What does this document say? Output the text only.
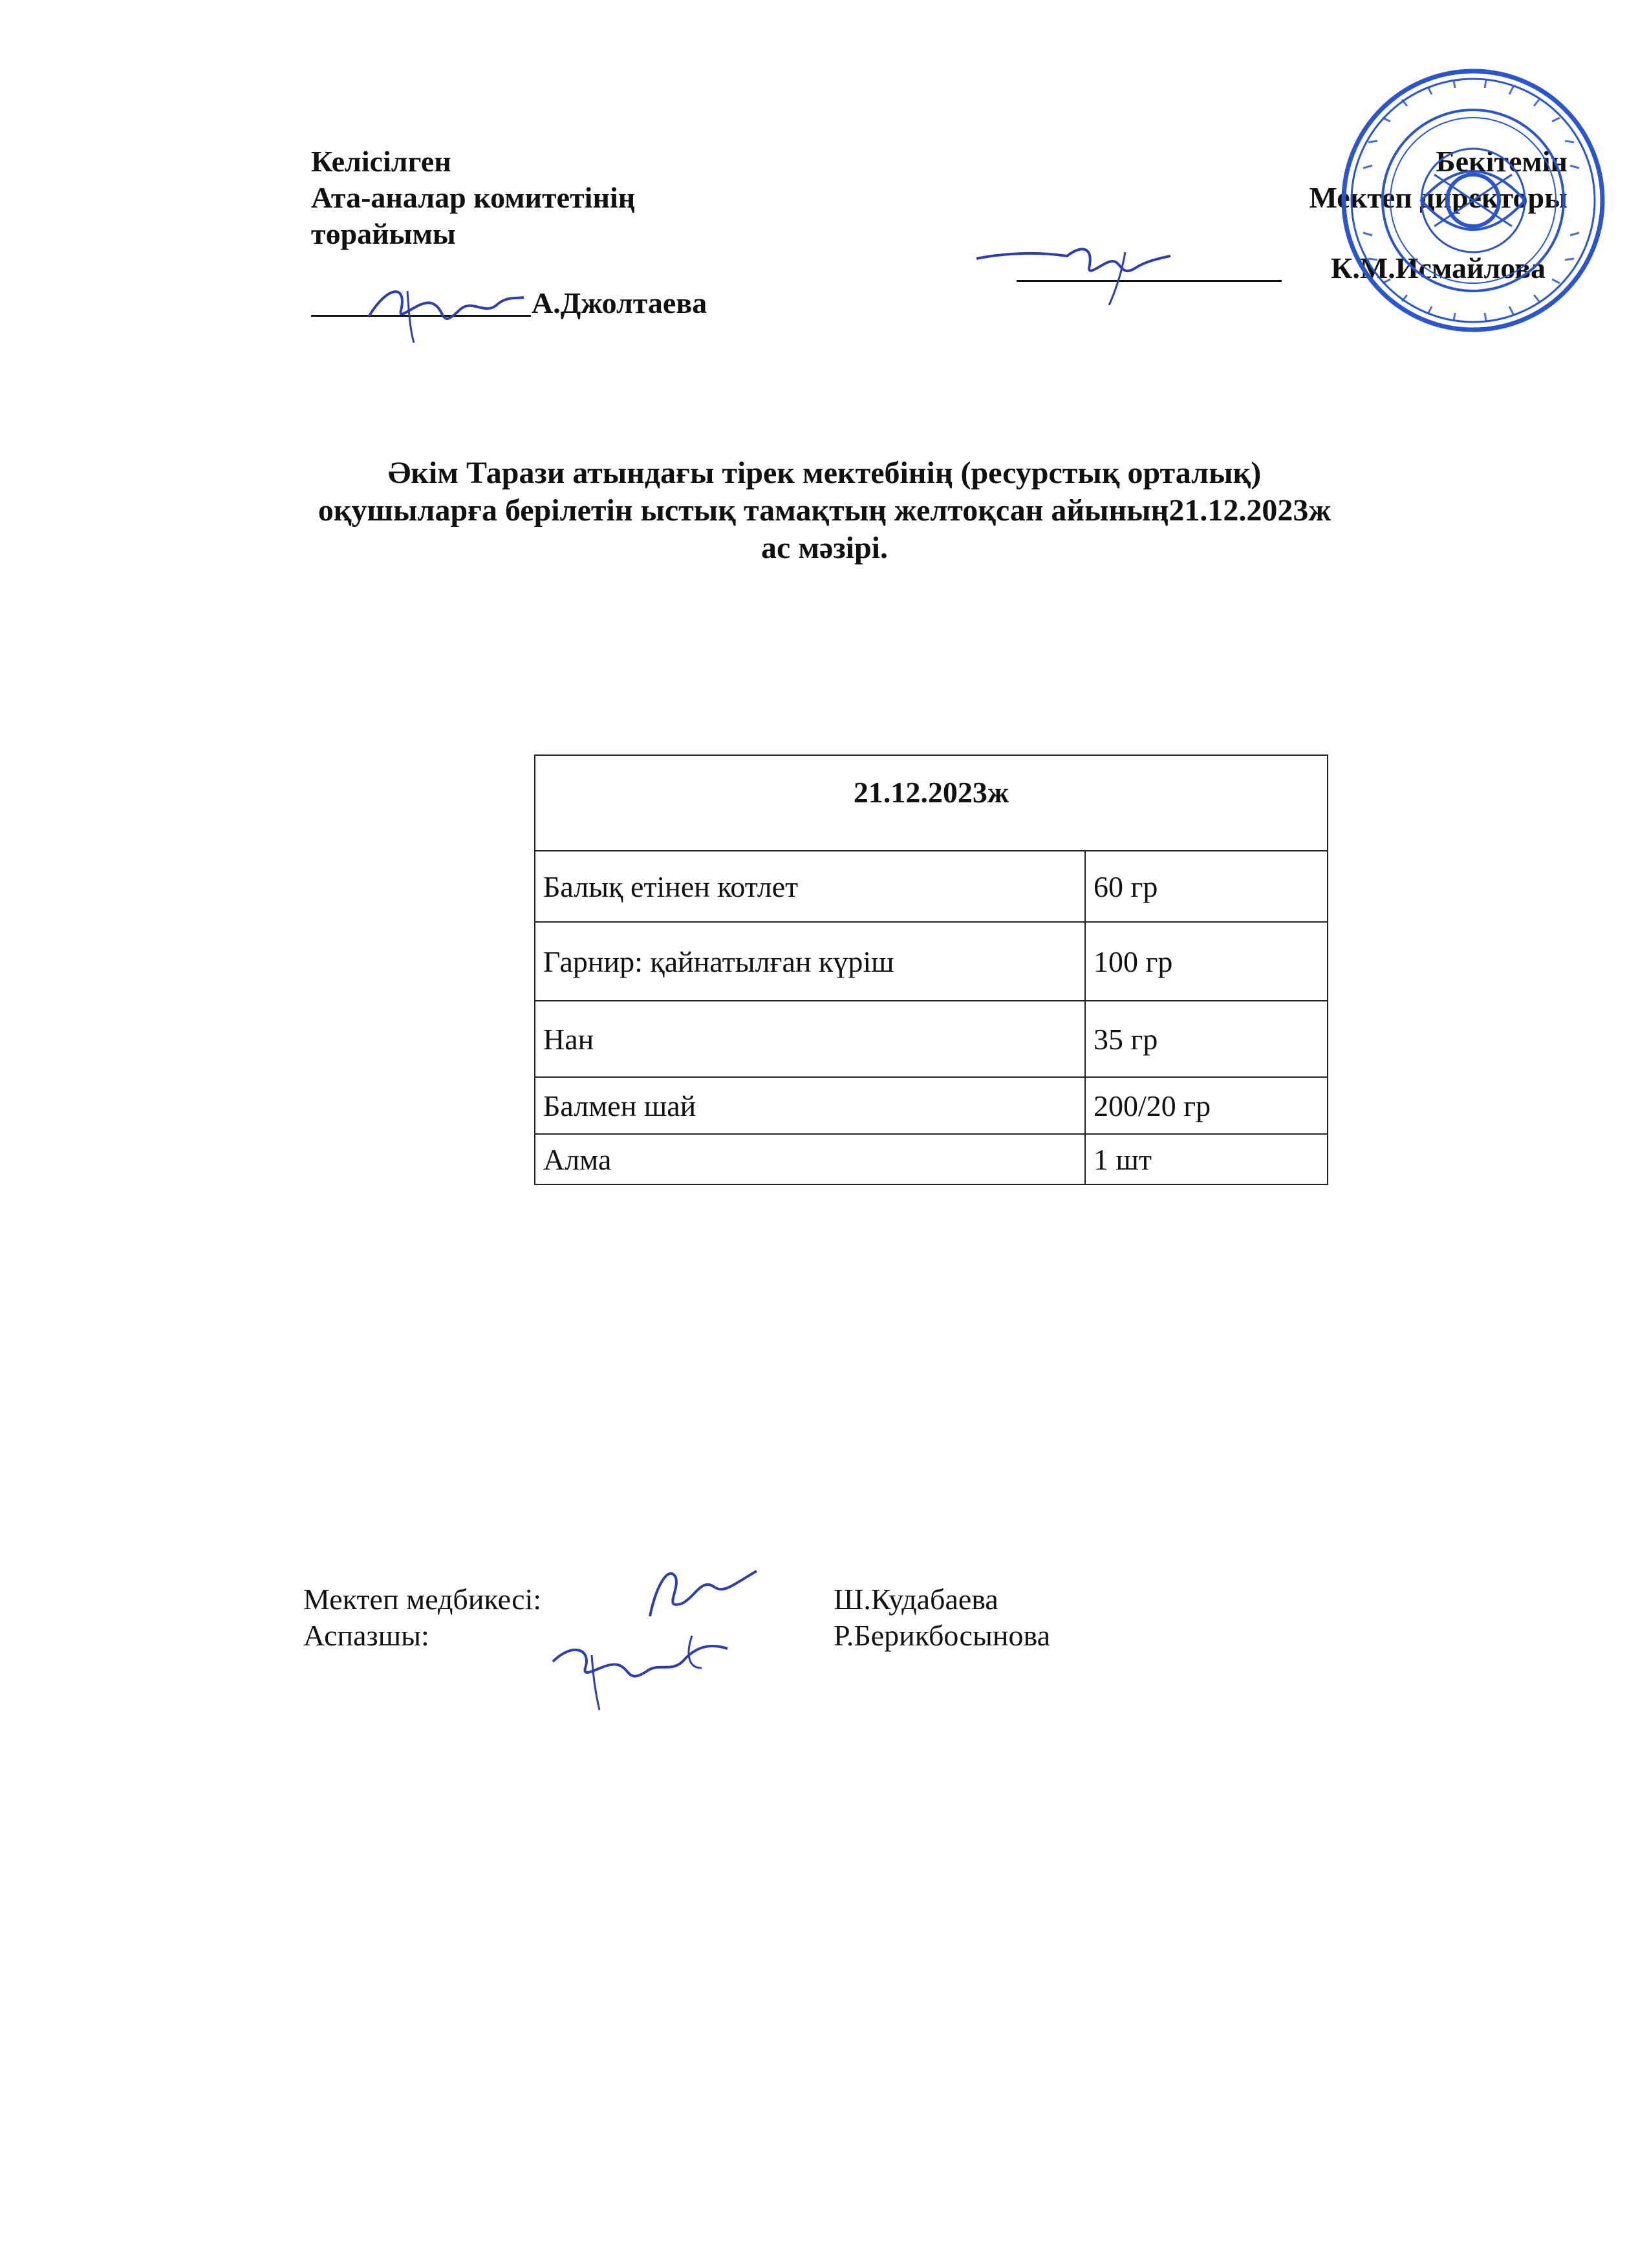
Келісілген
Ата-аналар комитетінің
төрайымы
А.Джолтаева
Бекітемін
Мектеп директоры
К.М.Исмайлова
Әкім Тарази атындағы тірек мектебінің (ресурстық орталық)
оқушыларға берілетін ыстық тамақтың желтоқсан айының21.12.2023ж
ас мәзірі.
21.12.2023ж	
Балық етінен котлет	60 гр
Гарнир: қайнатылған күріш	100 гр
Нан	35 гр
Балмен шай	200/20 гр
Алма	1 шт
Мектеп медбикесі:	Ш.Кудабаева
Аспазшы:	Р.Берикбосынова
